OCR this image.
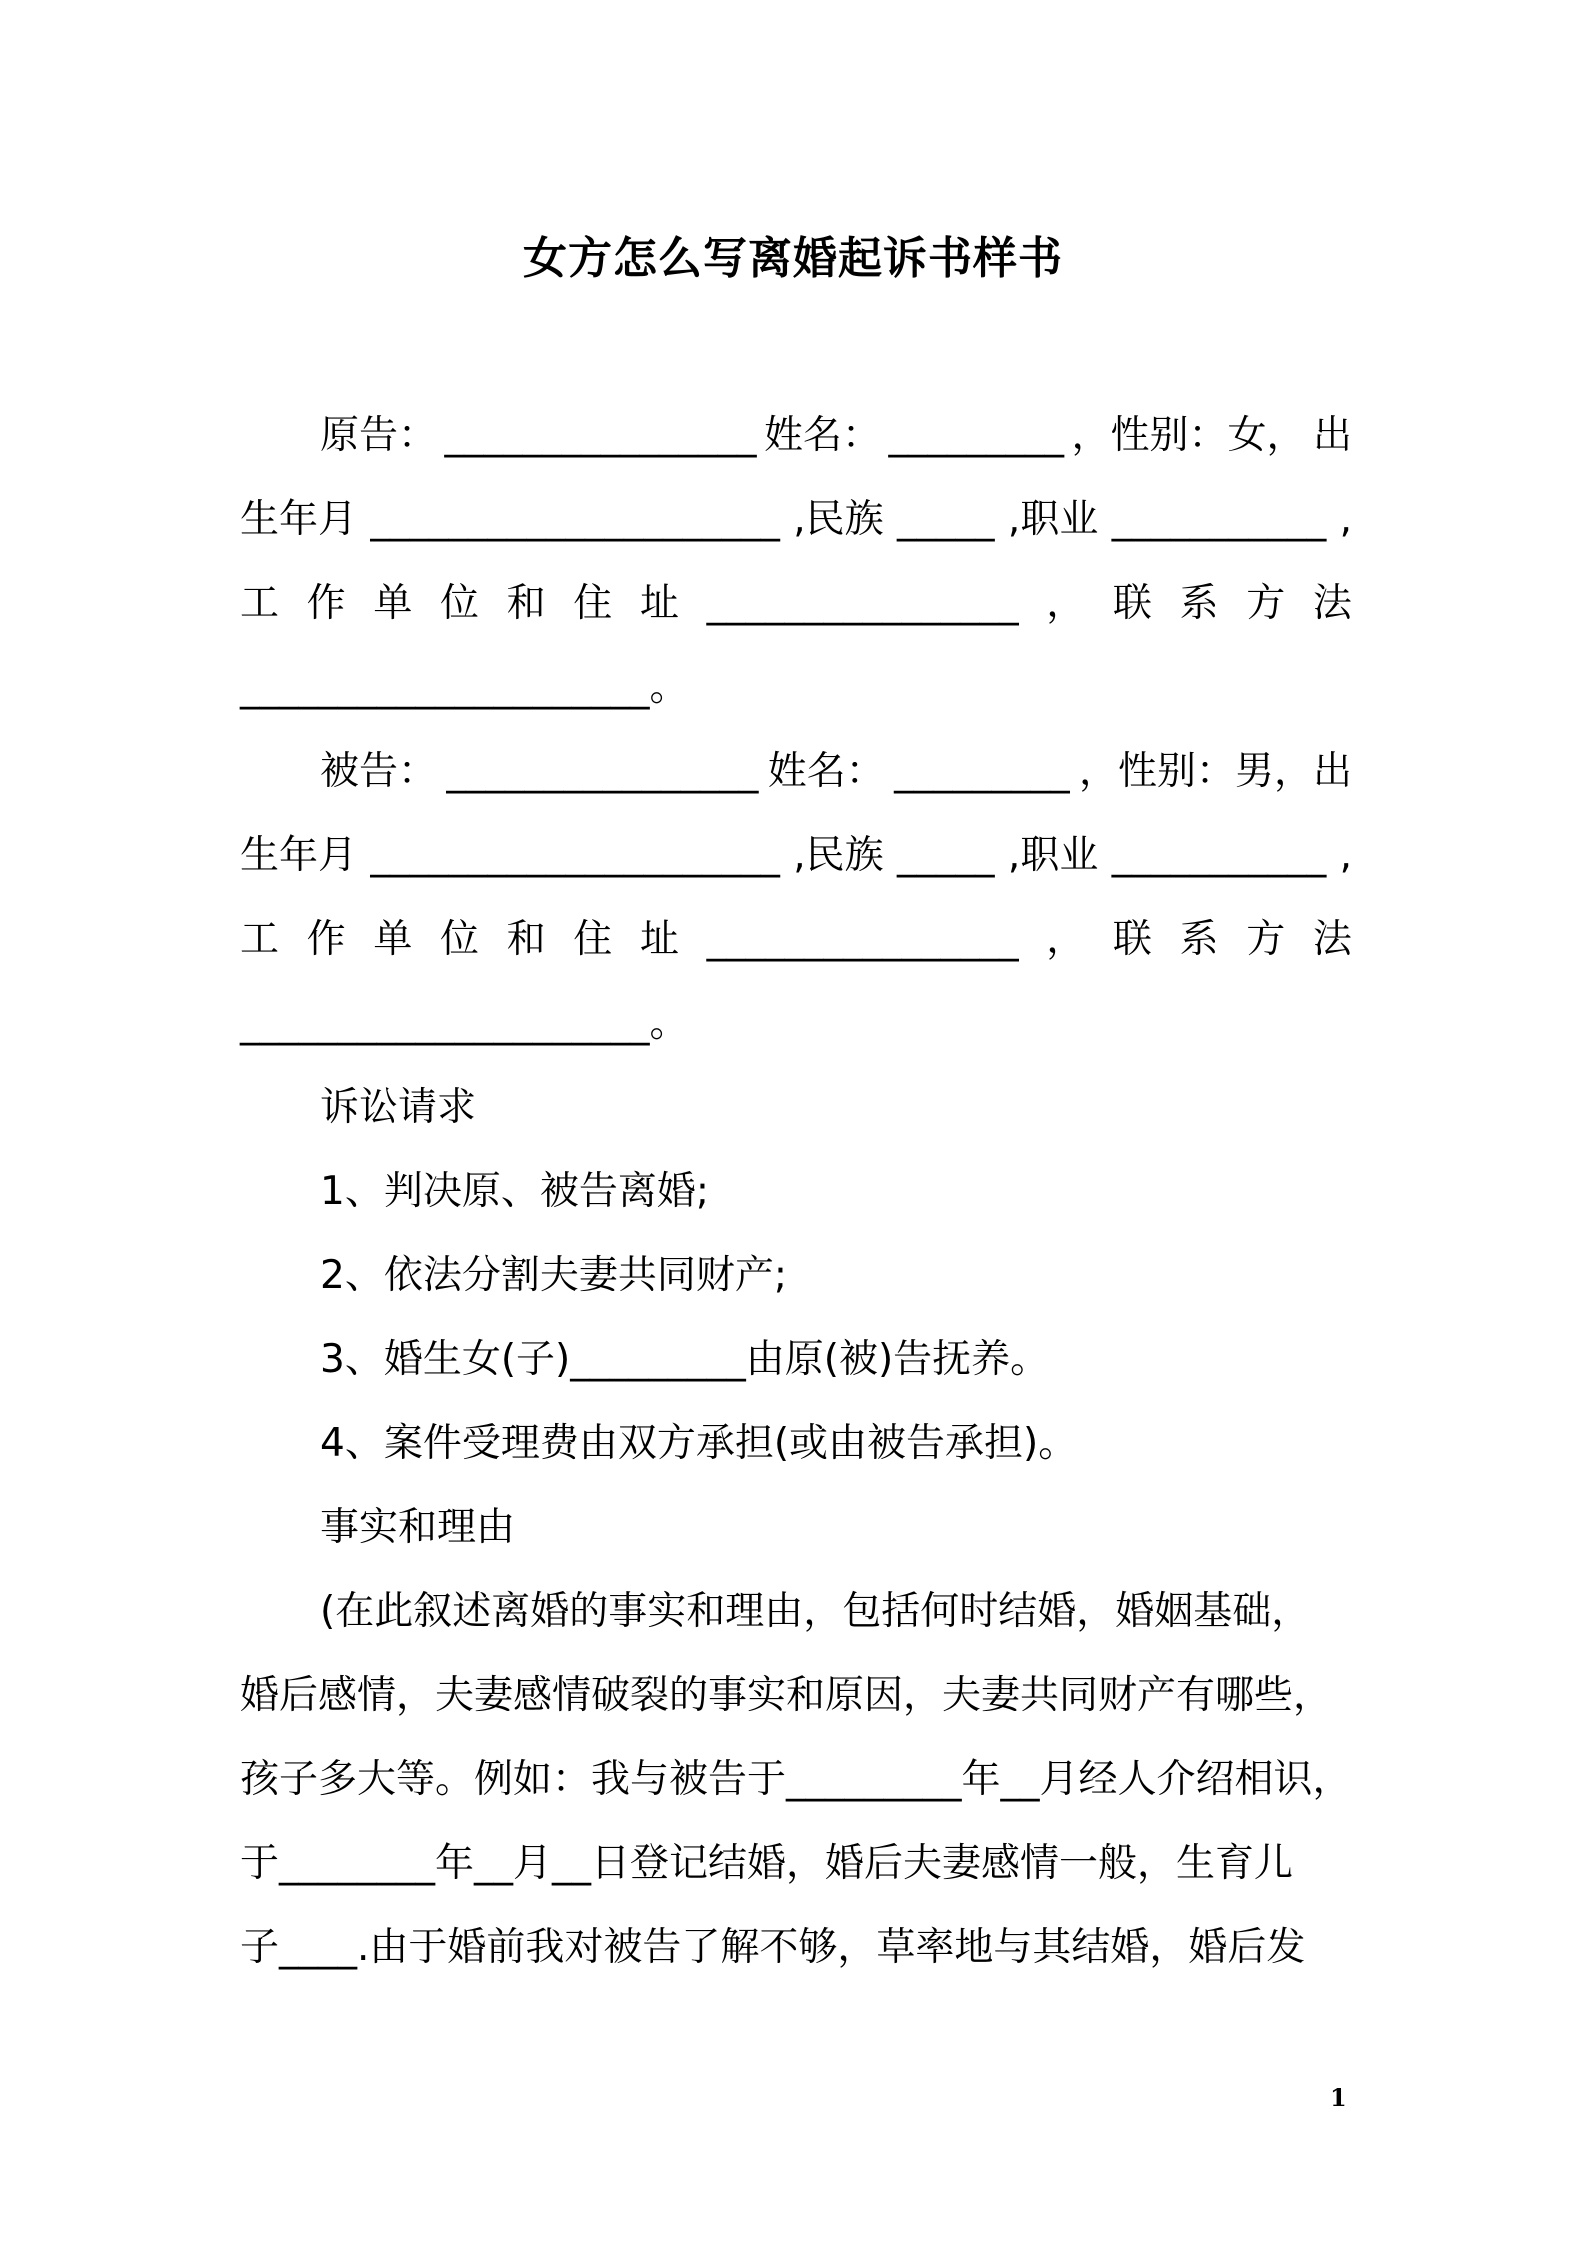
女方怎么写离婚起诉书样书
原告： ________________ 姓名： _________ ，性别：女， 出
生年月 _____________________ ,民族 _____ ,职业 ___________ ,
工 作 单 位 和 住 址 ________________ ， 联 系 方 法
_____________________。
被告： ________________ 姓名： _________ ，性别：男，出
生年月 _____________________ ,民族 _____ ,职业 ___________ ,
工 作 单 位 和 住 址 ________________ ， 联 系 方 法
_____________________。
诉讼请求
1、判决原、被告离婚;
2、依法分割夫妻共同财产;
3、婚生女(子)_________由原(被)告抚养。
4、案件受理费由双方承担(或由被告承担)。
事实和理由
(在此叙述离婚的事实和理由，包括何时结婚，婚姻基础，
婚后感情，夫妻感情破裂的事实和原因，夫妻共同财产有哪些，
孩子多大等。例如：我与被告于_________年__月经人介绍相识，
于________年__月__日登记结婚，婚后夫妻感情一般，生育儿
子____.由于婚前我对被告了解不够，草率地与其结婚，婚后发
1
